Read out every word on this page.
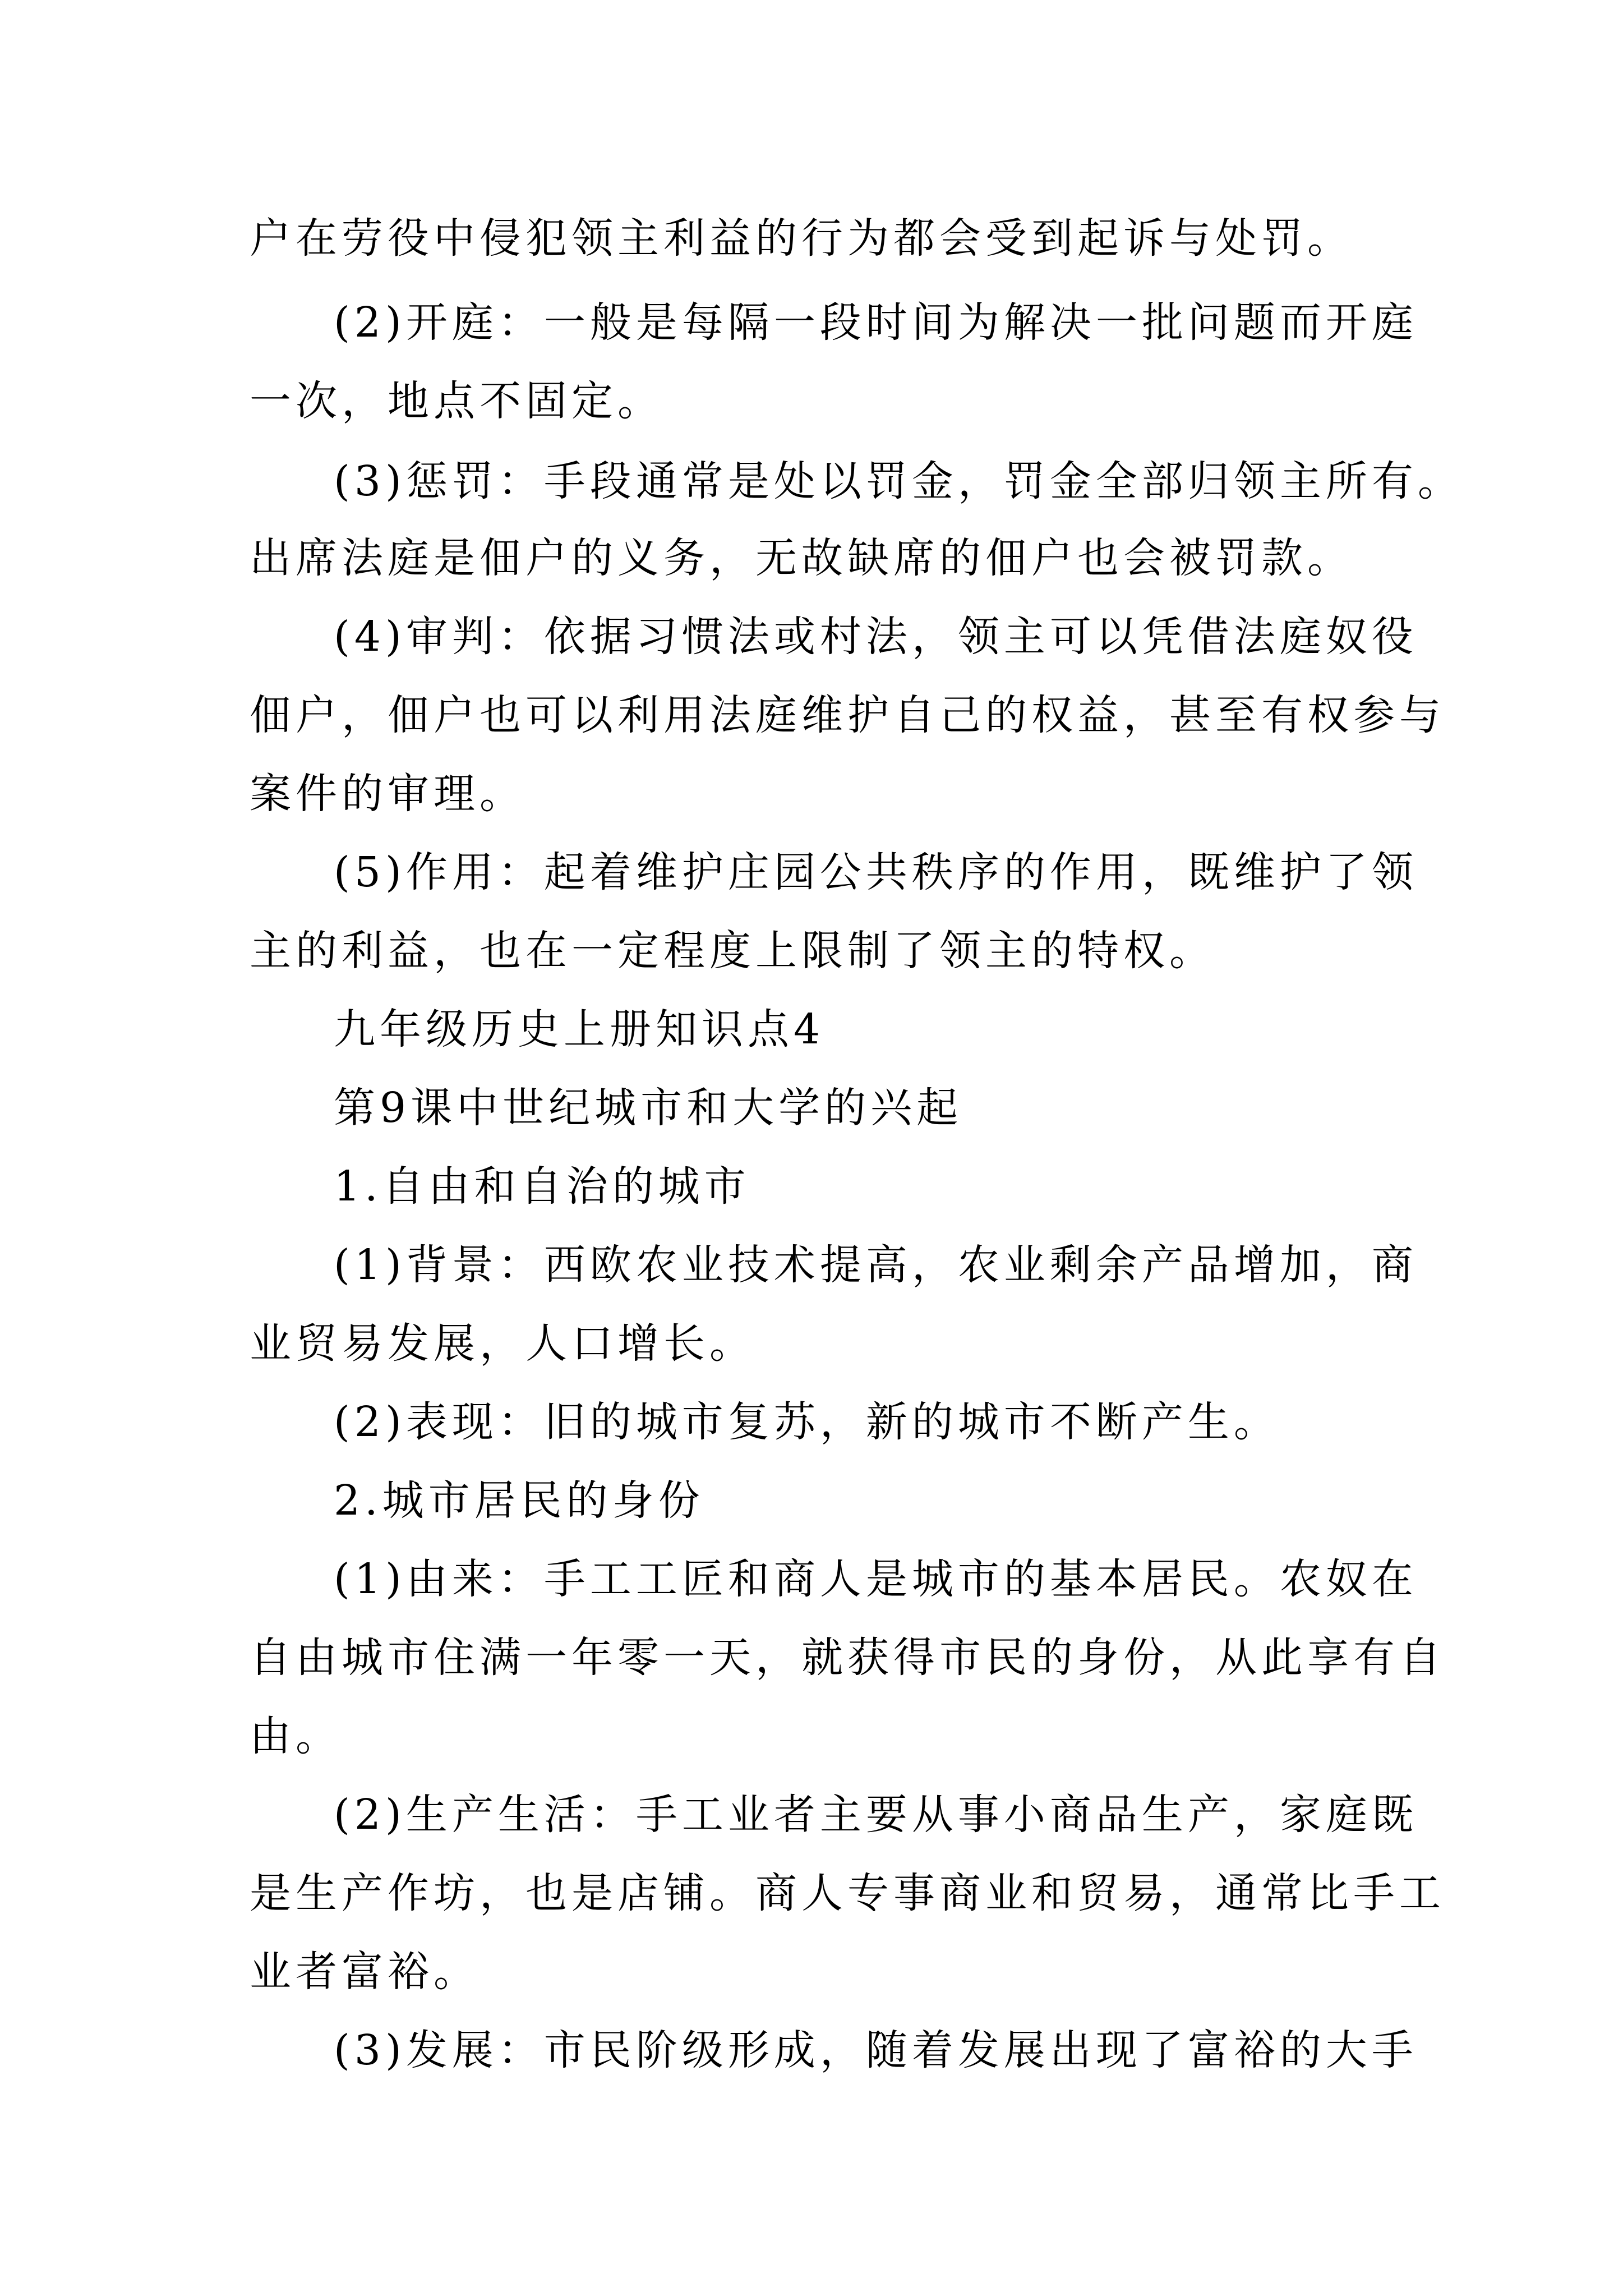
户在劳役中侵犯领主利益的行为都会受到起诉与处罚。

(2)开庭：一般是每隔一段时间为解决一批问题而开庭

一次，地点不固定。

(3)惩罚：手段通常是处以罚金，罚金全部归领主所有。

出席法庭是佃户的义务，无故缺席的佃户也会被罚款。

(4)审判：依据习惯法或村法，领主可以凭借法庭奴役

佃户，佃户也可以利用法庭维护自己的权益，甚至有权参与

案件的审理。

(5)作用：起着维护庄园公共秩序的作用，既维护了领

主的利益，也在一定程度上限制了领主的特权。

九年级历史上册知识点4

第9课中世纪城市和大学的兴起

1.自由和自治的城市

(1)背景：西欧农业技术提高，农业剩余产品增加，商

业贸易发展，人口增长。

(2)表现：旧的城市复苏，新的城市不断产生。

2.城市居民的身份

(1)由来：手工工匠和商人是城市的基本居民。农奴在

自由城市住满一年零一天，就获得市民的身份，从此享有自

由。

(2)生产生活：手工业者主要从事小商品生产，家庭既

是生产作坊，也是店铺。商人专事商业和贸易，通常比手工

业者富裕。

(3)发展：市民阶级形成，随着发展出现了富裕的大手
